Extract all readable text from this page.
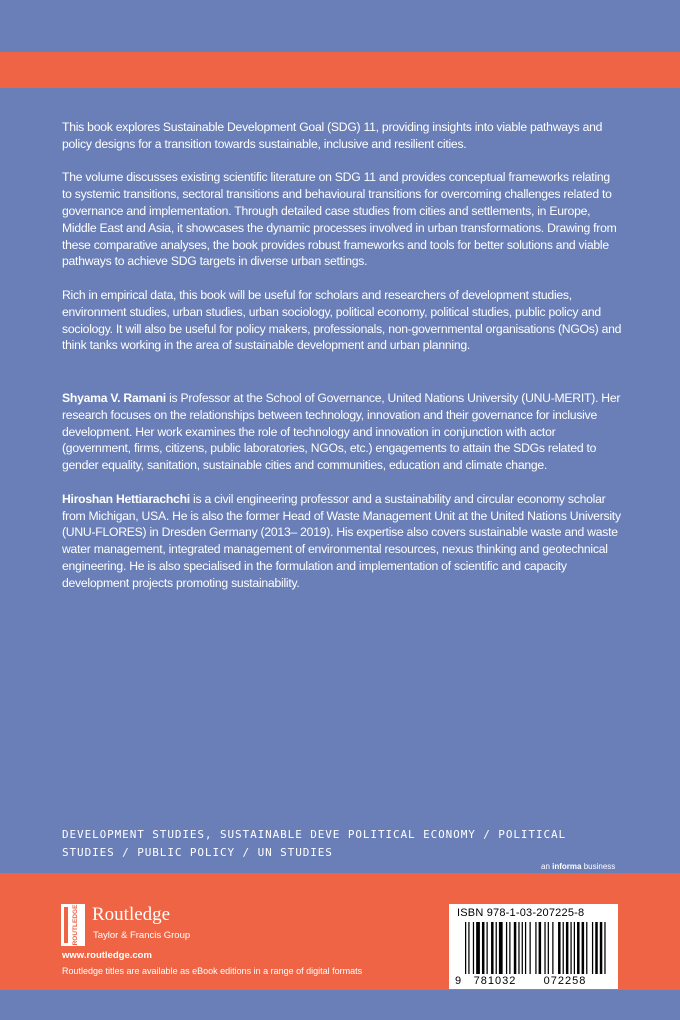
This book explores Sustainable Development Goal (SDG) 11, providing insights into viable pathways and policy designs for a transition towards sustainable, inclusive and resilient cities.

The volume discusses existing scientific literature on SDG 11 and provides conceptual frameworks relating to systemic transitions, sectoral transitions and behavioural transitions for overcoming challenges related to governance and implementation. Through detailed case studies from cities and settlements, in Europe, Middle East and Asia, it showcases the dynamic processes involved in urban transformations. Drawing from these comparative analyses, the book provides robust frameworks and tools for better solutions and viable pathways to achieve SDG targets in diverse urban settings.

Rich in empirical data, this book will be useful for scholars and researchers of development studies, environment studies, urban studies, urban sociology, political economy, political studies, public policy and sociology. It will also be useful for policy makers, professionals, non-governmental organisations (NGOs) and think tanks working in the area of sustainable development and urban planning.

Shyama V. Ramani is Professor at the School of Governance, United Nations University (UNU-MERIT). Her research focuses on the relationships between technology, innovation and their governance for inclusive development. Her work examines the role of technology and innovation in conjunction with actor (government, firms, citizens, public laboratories, NGOs, etc.) engagements to attain the SDGs related to gender equality, sanitation, sustainable cities and communities, education and climate change.

Hiroshan Hettiarachchi is a civil engineering professor and a sustainability and circular economy scholar from Michigan, USA. He is also the former Head of Waste Management Unit at the United Nations University (UNU-FLORES) in Dresden Germany (2013– 2019). His expertise also covers sustainable waste and waste water management, integrated management of environmental resources, nexus thinking and geotechnical engineering. He is also specialised in the formulation and implementation of scientific and capacity development projects promoting sustainability.

DEVELOPMENT STUDIES, SUSTAINABLE DEVE POLITICAL ECONOMY / POLITICAL STUDIES / PUBLIC POLICY / UN STUDIES
an informa business
ROUTLEDGE Routledge
Taylor & Francis Group
www.routledge.com
Routledge titles are available as eBook editions in a range of digital formats
ISBN 978-1-03-207225-8
9 781032 072258
